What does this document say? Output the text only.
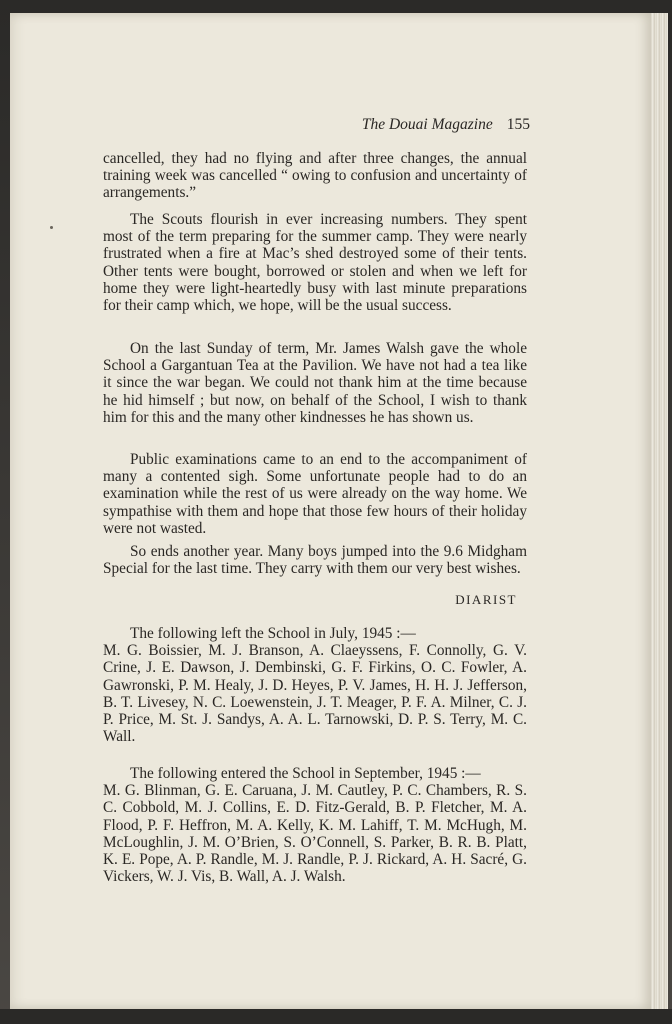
The Douai Magazine 155

cancelled, they had no flying and after three changes, the annual training week was cancelled “ owing to confusion and uncertainty of arrangements.”

The Scouts flourish in ever increasing numbers. They spent most of the term preparing for the summer camp. They were nearly frustrated when a fire at Mac’s shed destroyed some of their tents. Other tents were bought, borrowed or stolen and when we left for home they were light-heartedly busy with last minute preparations for their camp which, we hope, will be the usual success.

On the last Sunday of term, Mr. James Walsh gave the whole School a Gargantuan Tea at the Pavilion. We have not had a tea like it since the war began. We could not thank him at the time because he hid himself ; but now, on behalf of the School, I wish to thank him for this and the many other kindnesses he has shown us.

Public examinations came to an end to the accompaniment of many a contented sigh. Some unfortunate people had to do an examination while the rest of us were already on the way home. We sympathise with them and hope that those few hours of their holiday were not wasted.

So ends another year. Many boys jumped into the 9.6 Midgham Special for the last time. They carry with them our very best wishes.

DIARIST

The following left the School in July, 1945 :—

M. G. Boissier, M. J. Branson, A. Claeyssens, F. Connolly, G. V. Crine, J. E. Dawson, J. Dembinski, G. F. Firkins, O. C. Fowler, A. Gawronski, P. M. Healy, J. D. Heyes, P. V. James, H. H. J. Jefferson, B. T. Livesey, N. C. Loewenstein, J. T. Meager, P. F. A. Milner, C. J. P. Price, M. St. J. Sandys, A. A. L. Tarnowski, D. P. S. Terry, M. C. Wall.

The following entered the School in September, 1945 :—

M. G. Blinman, G. E. Caruana, J. M. Cautley, P. C. Chambers, R. S. C. Cobbold, M. J. Collins, E. D. Fitz-Gerald, B. P. Fletcher, M. A. Flood, P. F. Heffron, M. A. Kelly, K. M. Lahiff, T. M. McHugh, M. McLoughlin, J. M. O’Brien, S. O’Connell, S. Parker, B. R. B. Platt, K. E. Pope, A. P. Randle, M. J. Randle, P. J. Rickard, A. H. Sacré, G. Vickers, W. J. Vis, B. Wall, A. J. Walsh.
